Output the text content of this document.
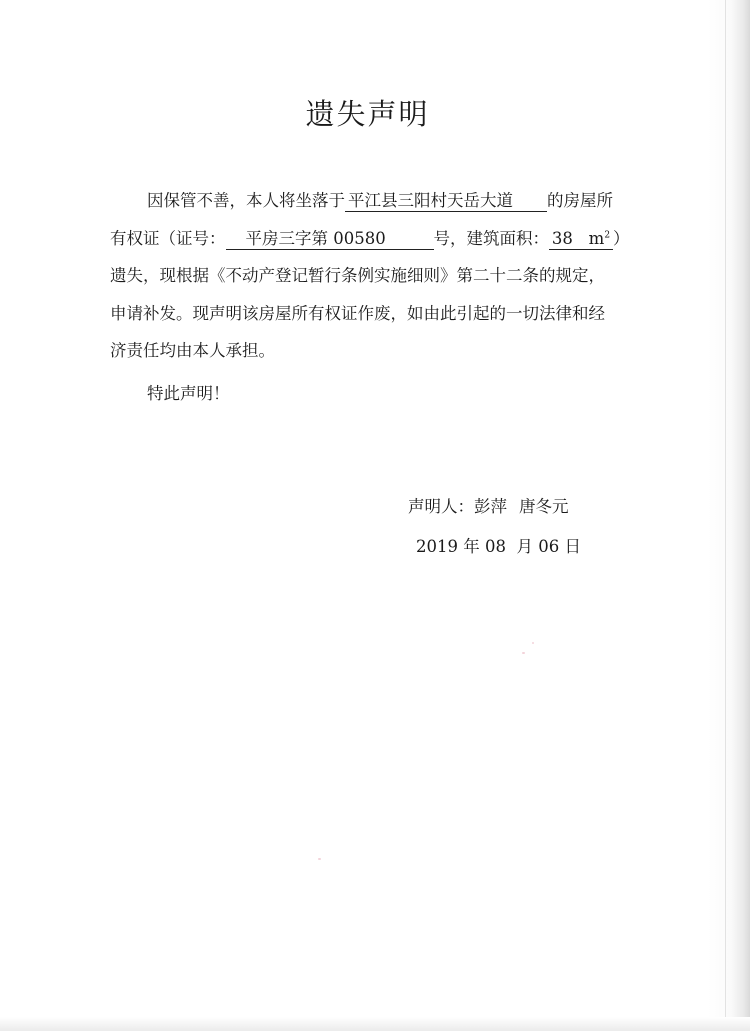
遗失声明
因保管不善，本人将坐落于 平江县三阳村天岳大道 的房屋所
有权证（证号： 平房三字第 00580	号，建筑面积： 38 $m^2$ ）
遗失，现根据《不动产登记暂行条例实施细则》第二十二条的规定，
申请补发。现声明该房屋所有权证作废，如由此引起的一切法律和经
济责任均由本人承担。
特此声明！
声明人：彭萍 唐冬元
2019 年 08 月 06 日
